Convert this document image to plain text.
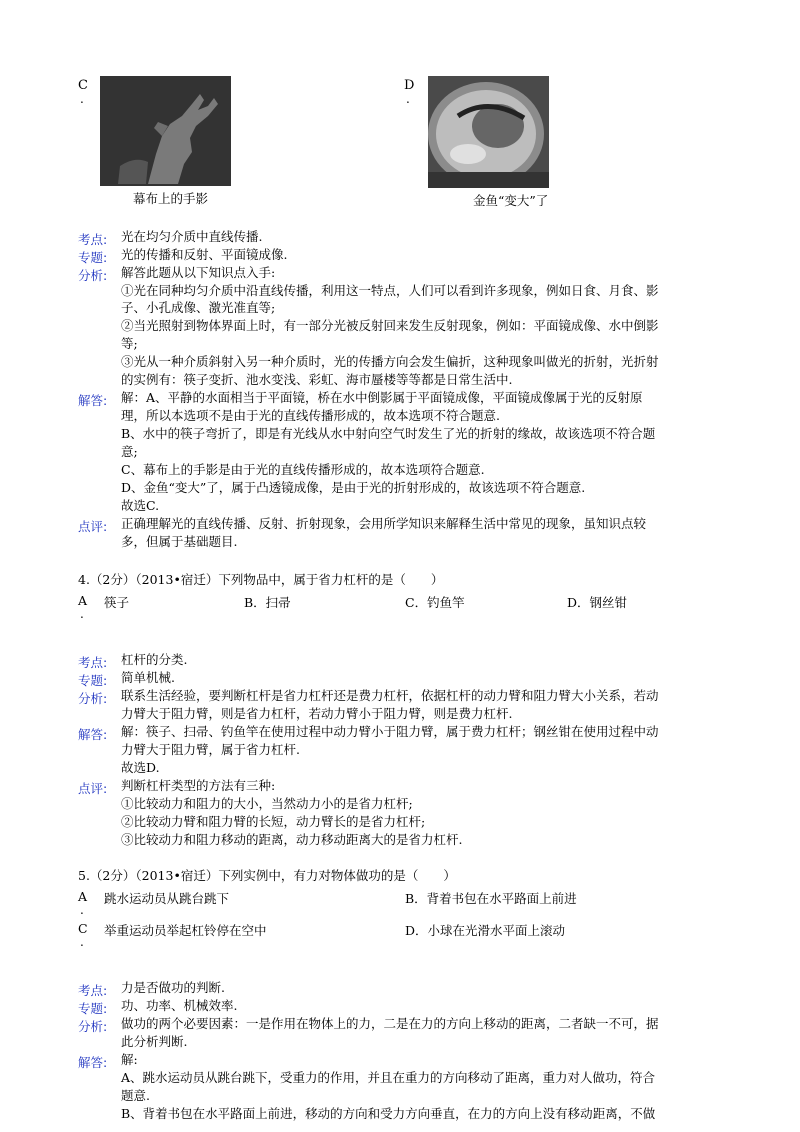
C
.
幕布上的手影
D
.
金鱼“变大”了
考点: 光在均匀介质中直线传播.
专题: 光的传播和反射、平面镜成像.
分析: 解答此题从以下知识点入手:
①光在同种均匀介质中沿直线传播，利用这一特点，人们可以看到许多现象，例如日食、月食、影
子、小孔成像、激光准直等;
②当光照射到物体界面上时，有一部分光被反射回来发生反射现象，例如：平面镜成像、水中倒影
等;
③光从一种介质斜射入另一种介质时，光的传播方向会发生偏折，这种现象叫做光的折射，光折射
的实例有：筷子变折、池水变浅、彩虹、海市蜃楼等等都是日常生活中.
解答: 解：A、平静的水面相当于平面镜，桥在水中倒影属于平面镜成像，平面镜成像属于光的反射原
理，所以本选项不是由于光的直线传播形成的，故本选项不符合题意.
B、水中的筷子弯折了，即是有光线从水中射向空气时发生了光的折射的缘故，故该选项不符合题
意;
C、幕布上的手影是由于光的直线传播形成的，故本选项符合题意.
D、金鱼“变大”了，属于凸透镜成像，是由于光的折射形成的，故该选项不符合题意.
故选C.
点评: 正确理解光的直线传播、反射、折射现象，会用所学知识来解释生活中常见的现象，虽知识点较
多，但属于基础题目.
4.（2分）（2013•宿迁）下列物品中，属于省力杠杆的是（　　）
A
.
筷子	B．扫帚	C．钓鱼竿	D．钢丝钳
考点: 杠杆的分类.
专题: 简单机械.
分析: 联系生活经验，要判断杠杆是省力杠杆还是费力杠杆，依据杠杆的动力臂和阻力臂大小关系，若动
力臂大于阻力臂，则是省力杠杆，若动力臂小于阻力臂，则是费力杠杆.
解答: 解：筷子、扫帚、钓鱼竿在使用过程中动力臂小于阻力臂，属于费力杠杆；钢丝钳在使用过程中动
力臂大于阻力臂，属于省力杠杆.
故选D.
点评: 判断杠杆类型的方法有三种:
①比较动力和阻力的大小，当然动力小的是省力杠杆;
②比较动力臂和阻力臂的长短，动力臂长的是省力杠杆;
③比较动力和阻力移动的距离，动力移动距离大的是省力杠杆.
5.（2分）（2013•宿迁）下列实例中，有力对物体做功的是（　　）
A
.
跳水运动员从跳台跳下	B．背着书包在水平路面上前进
C
.
举重运动员举起杠铃停在空中	D．小球在光滑水平面上滚动
考点: 力是否做功的判断.
专题: 功、功率、机械效率.
分析: 做功的两个必要因素：一是作用在物体上的力，二是在力的方向上移动的距离，二者缺一不可，据
此分析判断.
解答: 解:
A、跳水运动员从跳台跳下，受重力的作用，并且在重力的方向移动了距离，重力对人做功，符合
题意.
B、背着书包在水平路面上前进，移动的方向和受力方向垂直，在力的方向上没有移动距离，不做
